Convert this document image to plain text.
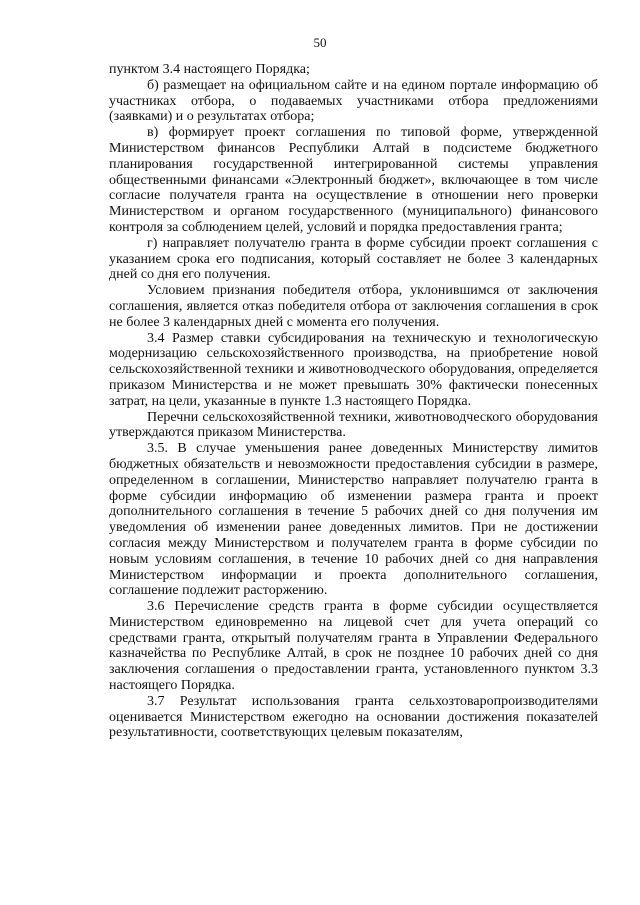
50

пунктом 3.4 настоящего Порядка;

б) размещает на официальном сайте и на едином портале информацию об участниках отбора, о подаваемых участниками отбора предложениями (заявками) и о результатах отбора;

в) формирует проект соглашения по типовой форме, утвержденной Министерством финансов Республики Алтай в подсистеме бюджетного планирования государственной интегрированной системы управления общественными финансами «Электронный бюджет», включающее в том числе согласие получателя гранта на осуществление в отношении него проверки Министерством и органом государственного (муниципального) финансового контроля за соблюдением целей, условий и порядка предоставления гранта;

г) направляет получателю гранта в форме субсидии проект соглашения с указанием срока его подписания, который составляет не более 3 календарных дней со дня его получения.

Условием признания победителя отбора, уклонившимся от заключения соглашения, является отказ победителя отбора от заключения соглашения в срок не более 3 календарных дней с момента его получения.

3.4 Размер ставки субсидирования на техническую и технологическую модернизацию сельскохозяйственного производства, на приобретение новой сельскохозяйственной техники и животноводческого оборудования, определяется приказом Министерства и не может превышать 30% фактически понесенных затрат, на цели, указанные в пункте 1.3 настоящего Порядка.

Перечни сельскохозяйственной техники, животноводческого оборудования утверждаются приказом Министерства.

3.5. В случае уменьшения ранее доведенных Министерству лимитов бюджетных обязательств и невозможности предоставления субсидии в размере, определенном в соглашении, Министерство направляет получателю гранта в форме субсидии информацию об изменении размера гранта и проект дополнительного соглашения в течение 5 рабочих дней со дня получения им уведомления об изменении ранее доведенных лимитов. При не достижении согласия между Министерством и получателем гранта в форме субсидии по новым условиям соглашения, в течение 10 рабочих дней со дня направления Министерством информации и проекта дополнительного соглашения, соглашение подлежит расторжению.

3.6 Перечисление средств гранта в форме субсидии осуществляется Министерством единовременно на лицевой счет для учета операций со средствами гранта, открытый получателям гранта в Управлении Федерального казначейства по Республике Алтай, в срок не позднее 10 рабочих дней со дня заключения соглашения о предоставлении гранта, установленного пунктом 3.3 настоящего Порядка.

3.7 Результат использования гранта сельхозтоваропроизводителями оценивается Министерством ежегодно на основании достижения показателей результативности, соответствующих целевым показателям,
